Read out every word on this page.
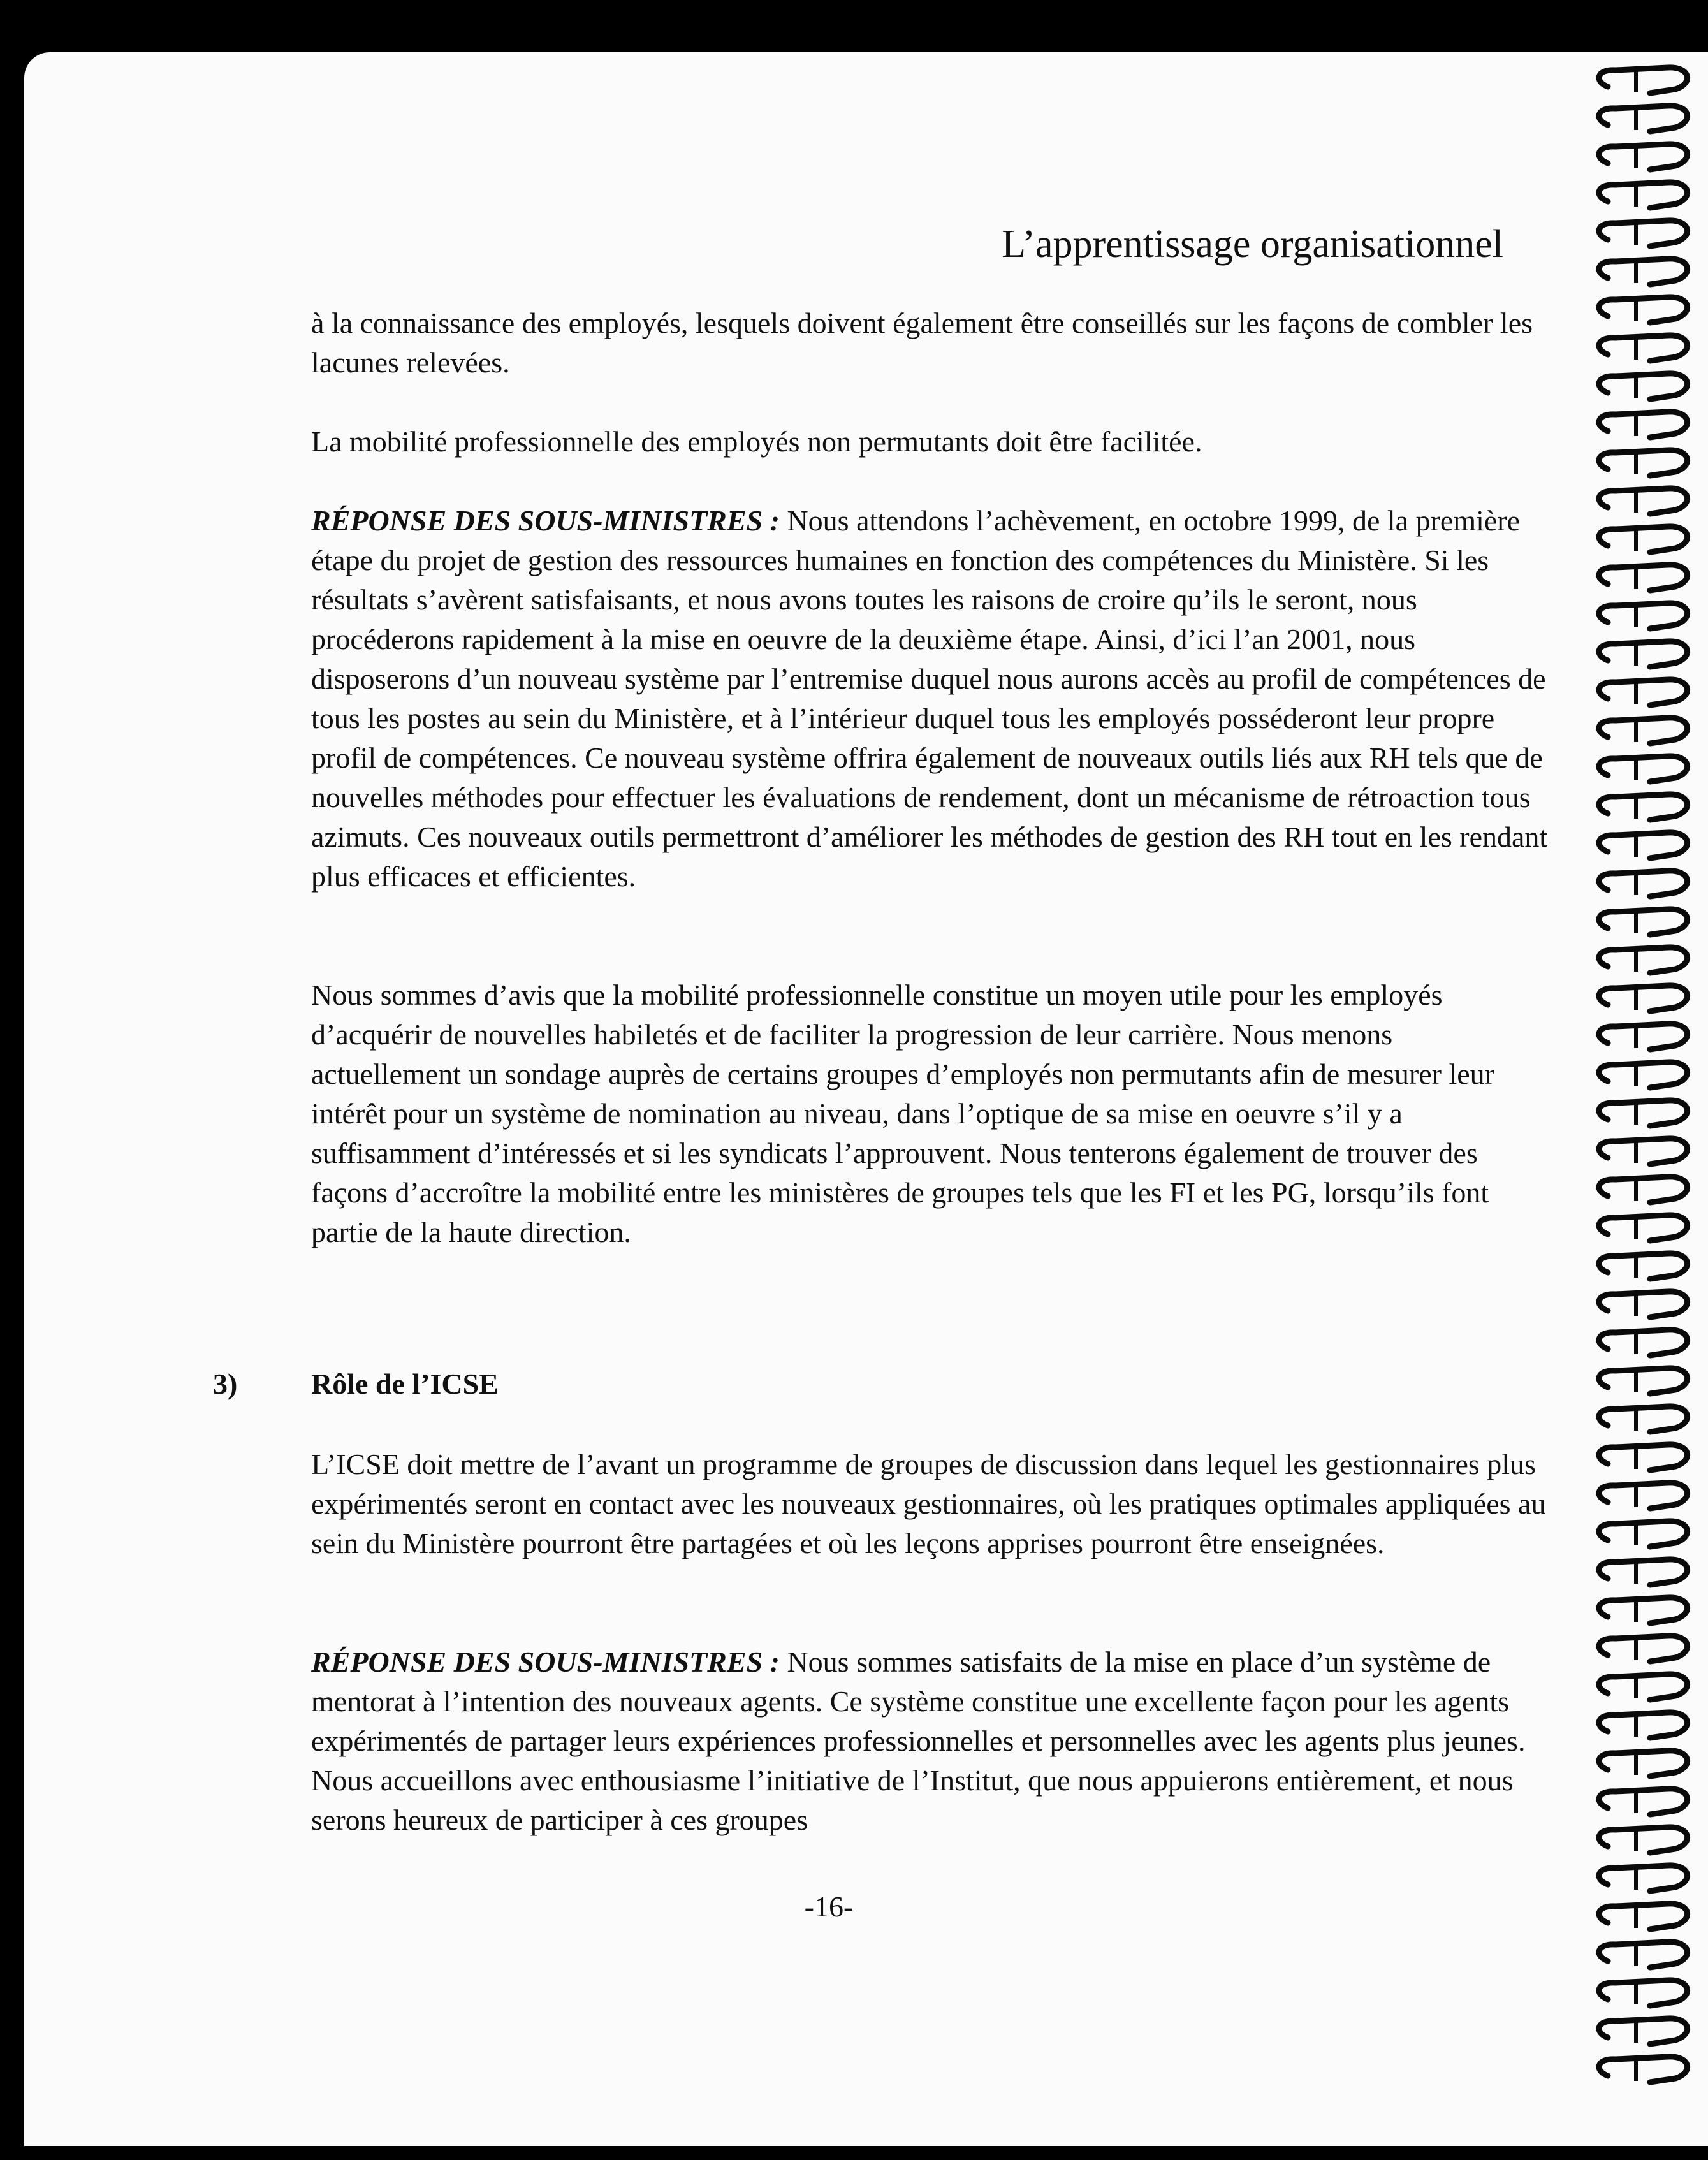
L’apprentissage organisationnel

à la connaissance des employés, lesquels doivent également être conseillés sur les façons de combler les lacunes relevées.

La mobilité professionnelle des employés non permutants doit être facilitée.

RÉPONSE DES SOUS-MINISTRES : Nous attendons l’achèvement, en octobre 1999, de la première étape du projet de gestion des ressources humaines en fonction des compétences du Ministère. Si les résultats s’avèrent satisfaisants, et nous avons toutes les raisons de croire qu’ils le seront, nous procéderons rapidement à la mise en oeuvre de la deuxième étape. Ainsi, d’ici l’an 2001, nous disposerons d’un nouveau système par l’entremise duquel nous aurons accès au profil de compétences de tous les postes au sein du Ministère, et à l’intérieur duquel tous les employés posséderont leur propre profil de compétences. Ce nouveau système offrira également de nouveaux outils liés aux RH tels que de nouvelles méthodes pour effectuer les évaluations de rendement, dont un mécanisme de rétroaction tous azimuts. Ces nouveaux outils permettront d’améliorer les méthodes de gestion des RH tout en les rendant plus efficaces et efficientes.

Nous sommes d’avis que la mobilité professionnelle constitue un moyen utile pour les employés d’acquérir de nouvelles habiletés et de faciliter la progression de leur carrière. Nous menons actuellement un sondage auprès de certains groupes d’employés non permutants afin de mesurer leur intérêt pour un système de nomination au niveau, dans l’optique de sa mise en oeuvre s’il y a suffisamment d’intéressés et si les syndicats l’approuvent. Nous tenterons également de trouver des façons d’accroître la mobilité entre les ministères de groupes tels que les FI et les PG, lorsqu’ils font partie de la haute direction.

3)	Rôle de l’ICSE

L’ICSE doit mettre de l’avant un programme de groupes de discussion dans lequel les gestionnaires plus expérimentés seront en contact avec les nouveaux gestionnaires, où les pratiques optimales appliquées au sein du Ministère pourront être partagées et où les leçons apprises pourront être enseignées.

RÉPONSE DES SOUS-MINISTRES : Nous sommes satisfaits de la mise en place d’un système de mentorat à l’intention des nouveaux agents. Ce système constitue une excellente façon pour les agents expérimentés de partager leurs expériences professionnelles et personnelles avec les agents plus jeunes. Nous accueillons avec enthousiasme l’initiative de l’Institut, que nous appuierons entièrement, et nous serons heureux de participer à ces groupes

-16-
